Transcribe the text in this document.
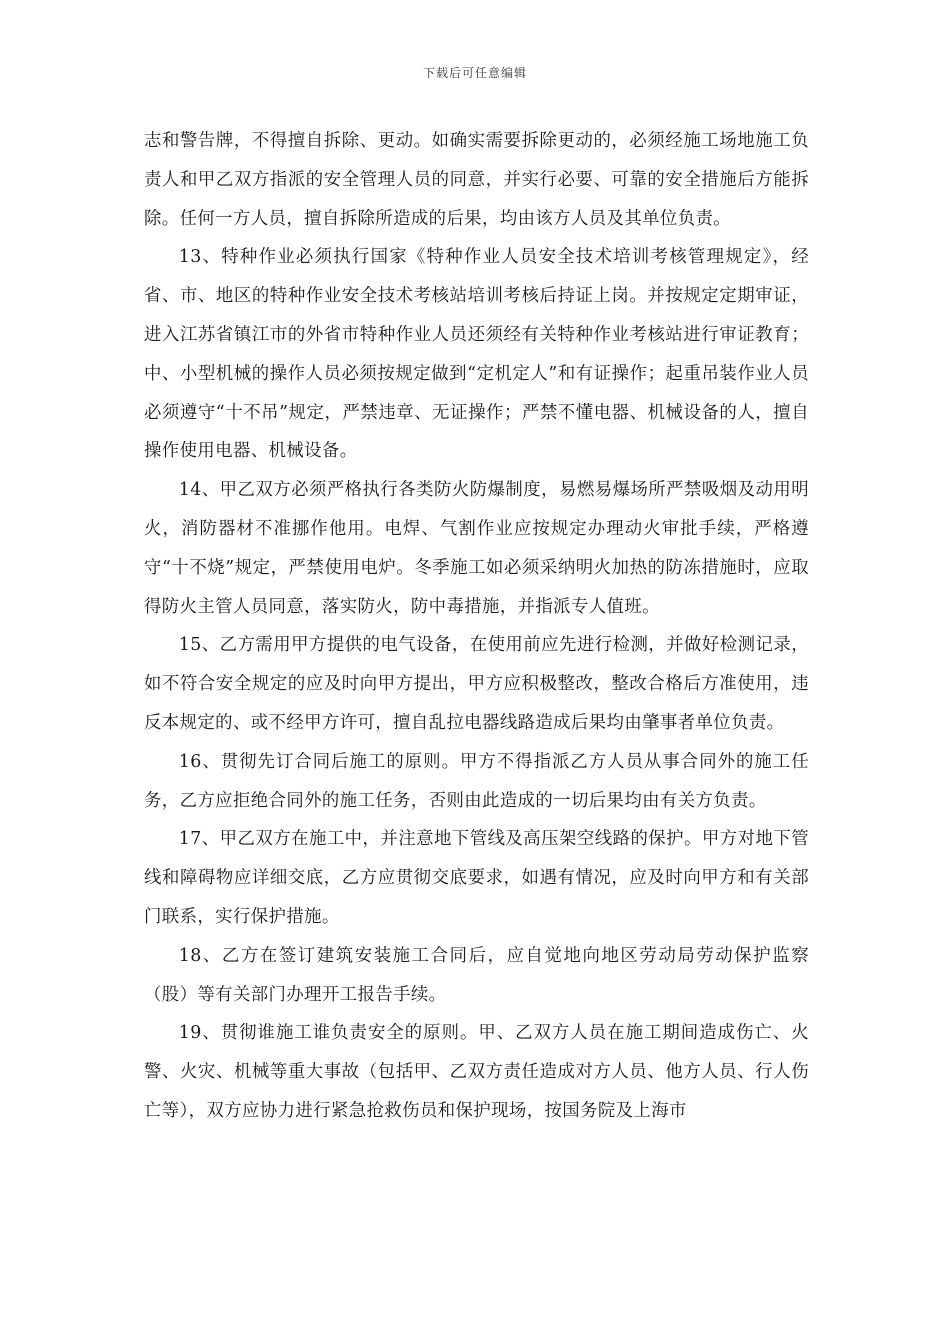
下载后可任意编辑

志和警告牌，不得擅自拆除、更动。如确实需要拆除更动的，必须经施工场地施工负责人和甲乙双方指派的安全管理人员的同意，并实行必要、可靠的安全措施后方能拆除。任何一方人员，擅自拆除所造成的后果，均由该方人员及其单位负责。

13、特种作业必须执行国家《特种作业人员安全技术培训考核管理规定》，经省、市、地区的特种作业安全技术考核站培训考核后持证上岗。并按规定定期审证，进入江苏省镇江市的外省市特种作业人员还须经有关特种作业考核站进行审证教育；中、小型机械的操作人员必须按规定做到“定机定人”和有证操作；起重吊装作业人员必须遵守“十不吊”规定，严禁违章、无证操作；严禁不懂电器、机械设备的人，擅自操作使用电器、机械设备。

14、甲乙双方必须严格执行各类防火防爆制度，易燃易爆场所严禁吸烟及动用明火，消防器材不准挪作他用。电焊、气割作业应按规定办理动火审批手续，严格遵守“十不烧”规定，严禁使用电炉。冬季施工如必须采纳明火加热的防冻措施时，应取得防火主管人员同意，落实防火，防中毒措施，并指派专人值班。

15、乙方需用甲方提供的电气设备，在使用前应先进行检测，并做好检测记录，如不符合安全规定的应及时向甲方提出，甲方应积极整改，整改合格后方准使用，违反本规定的、或不经甲方许可，擅自乱拉电器线路造成后果均由肇事者单位负责。

16、贯彻先订合同后施工的原则。甲方不得指派乙方人员从事合同外的施工任务，乙方应拒绝合同外的施工任务，否则由此造成的一切后果均由有关方负责。

17、甲乙双方在施工中，并注意地下管线及高压架空线路的保护。甲方对地下管线和障碍物应详细交底，乙方应贯彻交底要求，如遇有情况，应及时向甲方和有关部门联系，实行保护措施。

18、乙方在签订建筑安装施工合同后，应自觉地向地区劳动局劳动保护监察（股）等有关部门办理开工报告手续。

19、贯彻谁施工谁负责安全的原则。甲、乙双方人员在施工期间造成伤亡、火警、火灾、机械等重大事故（包括甲、乙双方责任造成对方人员、他方人员、行人伤亡等），双方应协力进行紧急抢救伤员和保护现场，按国务院及上海市
